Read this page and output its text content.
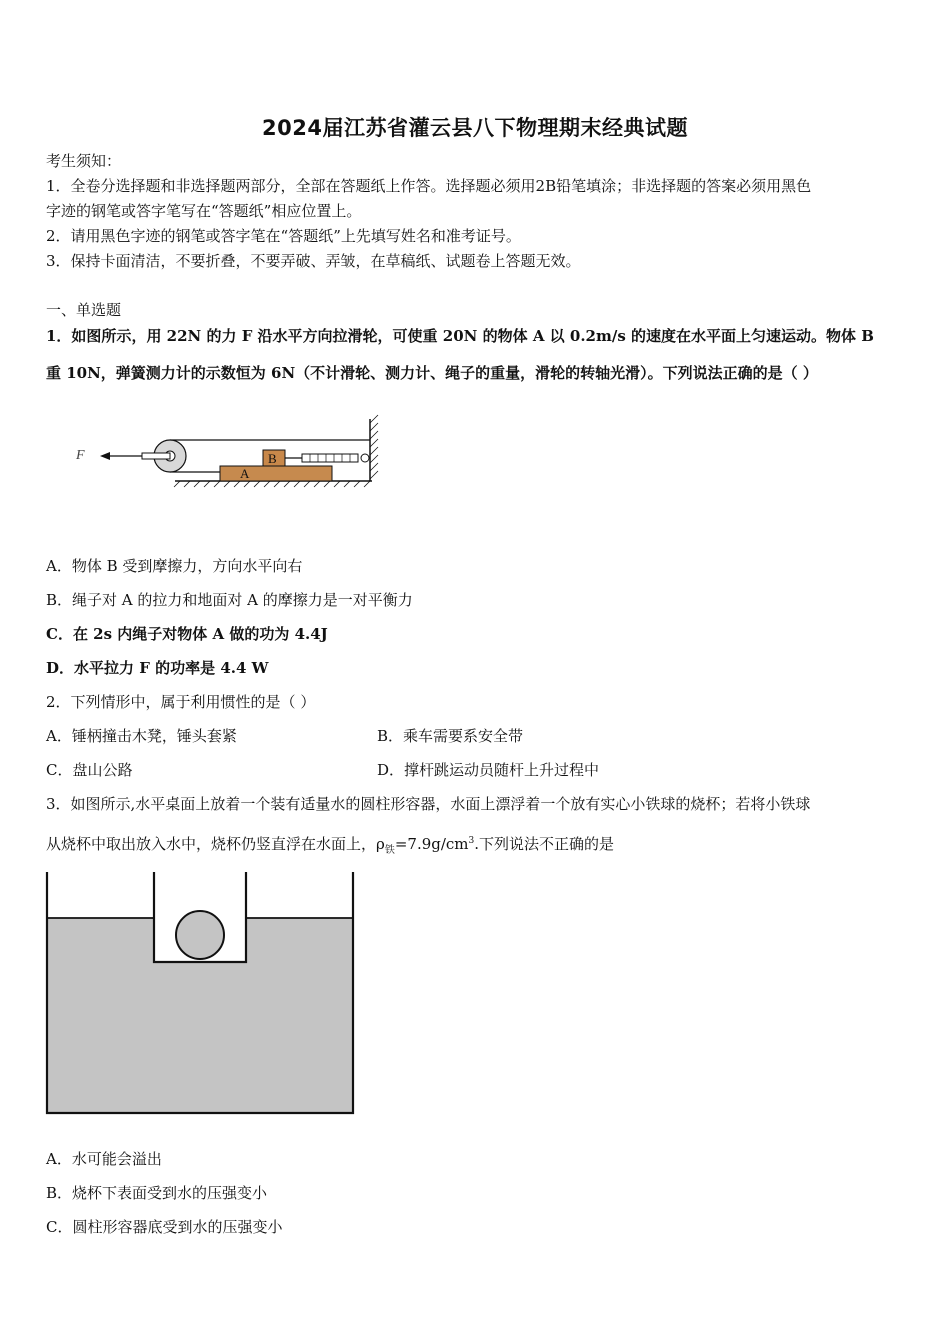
2024届江苏省灌云县八下物理期末经典试题
考生须知：
1．全卷分选择题和非选择题两部分，全部在答题纸上作答。选择题必须用2B铅笔填涂；非选择题的答案必须用黑色
字迹的钢笔或答字笔写在“答题纸”相应位置上。
2．请用黑色字迹的钢笔或答字笔在“答题纸”上先填写姓名和准考证号。
3．保持卡面清洁，不要折叠，不要弄破、弄皱，在草稿纸、试题卷上答题无效。
一、单选题
1．如图所示，用 22N 的力 F 沿水平方向拉滑轮，可使重 20N 的物体 A 以 0.2m/s 的速度在水平面上匀速运动。物体 B
重 10N，弹簧测力计的示数恒为 6N（不计滑轮、测力计、绳子的重量，滑轮的转轴光滑）。下列说法正确的是（ ）
F
A
B
A．物体 B 受到摩擦力，方向水平向右
B．绳子对 A 的拉力和地面对 A 的摩擦力是一对平衡力
C．在 2s 内绳子对物体 A 做的功为 4.4J
D．水平拉力 F 的功率是 4.4 W
2．下列情形中，属于利用惯性的是（ ）
A．锤柄撞击木凳，锤头套紧	B．乘车需要系安全带
C．盘山公路	D．撑杆跳运动员随杆上升过程中
3．如图所示,水平桌面上放着一个装有适量水的圆柱形容器，水面上漂浮着一个放有实心小铁球的烧杯；若将小铁球
从烧杯中取出放入水中，烧杯仍竖直浮在水面上，$\rho_铁=7.9g/cm^3$.下列说法不正确的是
A．水可能会溢出
B．烧杯下表面受到水的压强变小
C．圆柱形容器底受到水的压强变小
